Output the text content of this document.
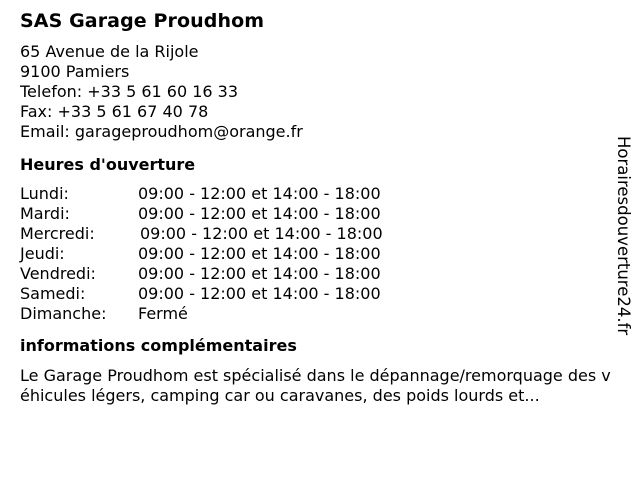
SAS Garage Proudhom
65 Avenue de la Rijole
9100 Pamiers
Telefon: +33 5 61 60 16 33
Fax: +33 5 61 67 40 78
Email: garageproudhom@orange.fr
Heures d'ouverture
Lundi:	09:00 - 12:00 et 14:00 - 18:00
Mardi:	09:00 - 12:00 et 14:00 - 18:00
Mercredi:	09:00 - 12:00 et 14:00 - 18:00
Jeudi:	09:00 - 12:00 et 14:00 - 18:00
Vendredi:	09:00 - 12:00 et 14:00 - 18:00
Samedi:	09:00 - 12:00 et 14:00 - 18:00
Dimanche: Fermé
informations complémentaires
Le Garage Proudhom est spécialisé dans le dépannage/remorquage des véhicules légers, camping car ou caravanes, des poids lourds et...
Horairesdouverture24.fr
